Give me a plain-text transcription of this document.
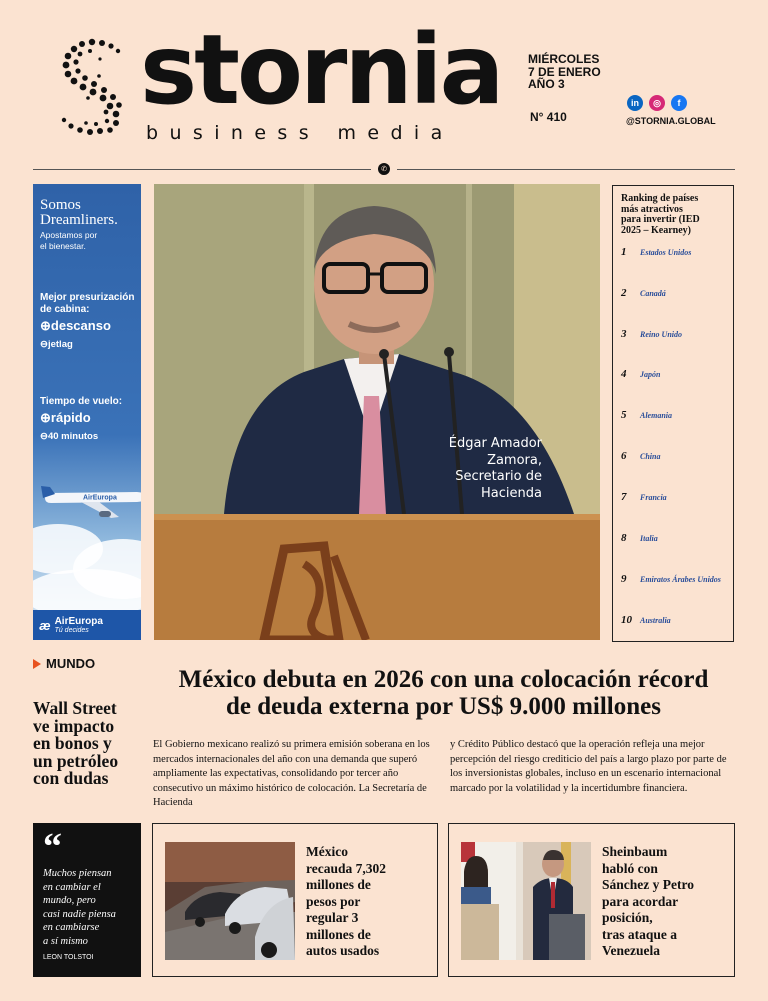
stornia
business media
MIÉRCOLES
7 DE ENERO
AÑO 3
N° 410
in	◎	f
@STORNIA.GLOBAL
✆
Somos
Dreamliners.
Apostamos por
el bienestar.
Mejor presurización
de cabina:
⊕descanso
⊖jetlag
Tiempo de vuelo:
⊕rápido
⊖40 minutos
AirEuropa
æ AirEuropa
Tú decides
Édgar Amador
Zamora,
Secretario de
Hacienda
Ranking de países
más atractivos
para invertir (IED
2025 – Kearney)
1	Estados Unidos
2	Canadá
3	Reino Unido
4	Japón
5	Alemania
6	China
7	Francia
8	Italia
9	Emiratos Árabes Unidos
10	Australia
MUNDO
Wall Street
ve impacto
en bonos y
un petróleo
con dudas
México debuta en 2026 con una colocación récord
de deuda externa por US$ 9.000 millones

El Gobierno mexicano realizó su primera emisión soberana en los mercados internacionales del año con una demanda que superó ampliamente las expectativas, consolidando por tercer año consecutivo un máximo histórico de colocación. La Secretaría de Hacienda

y Crédito Público destacó que la operación refleja una mejor percepción del riesgo crediticio del país a largo plazo por parte de los inversionistas globales, incluso en un escenario internacional marcado por la volatilidad y la incertidumbre financiera.

“
Muchos piensan
en cambiar el
mundo, pero
casi nadie piensa
en cambiarse
a sí mismo
LEON TOLSTOI
México
recauda 7,302
millones de
pesos por
regular 3
millones de
autos usados
Sheinbaum
habló con
Sánchez y Petro
para acordar
posición,
tras ataque a
Venezuela
